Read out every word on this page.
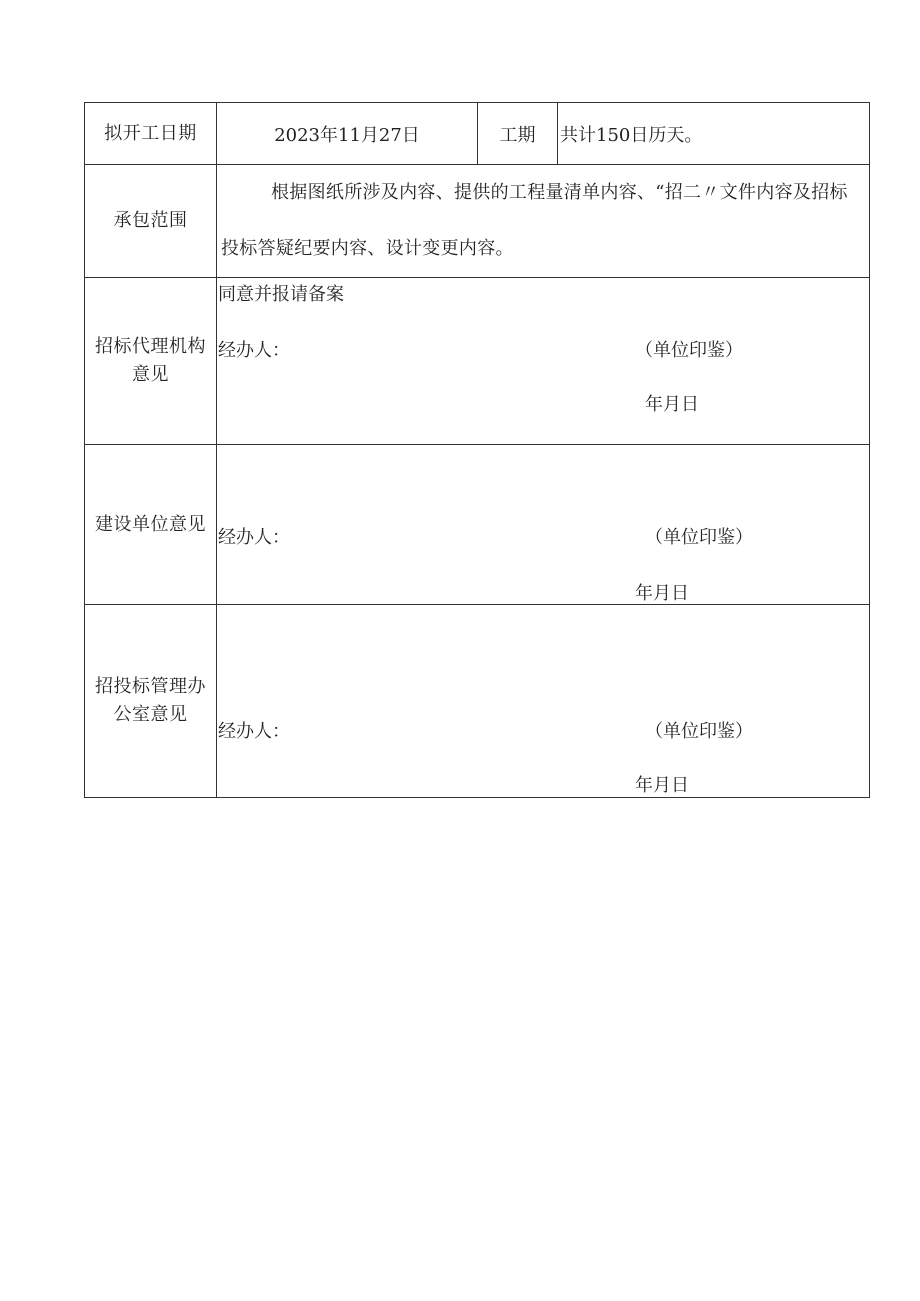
拟开工日期	2023年11月27日	工期	共计150日历天。
承包范围	根据图纸所涉及内容、提供的工程量清单内容、“招二〃文件内容及招标投标答疑纪要内容、设计变更内容。		

招标代理机构意见	同意并报请备案
经办人： （单位印鉴）
年月日		

建设单位意见	经办人： （单位印鉴）
年月日		

招投标管理办公室意见	经办人： （单位印鉴）
年月日		
